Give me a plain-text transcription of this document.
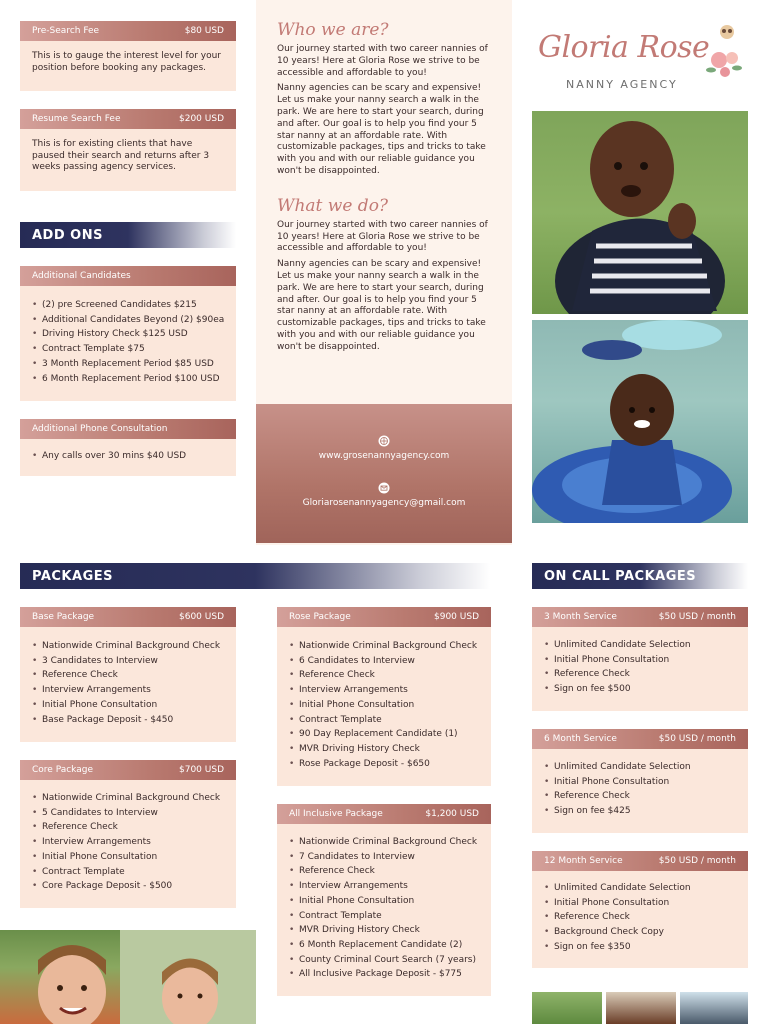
Pre-Search Fee	$80 USD

This is to gauge the interest level for your position before booking any packages.

Resume Search Fee	$200 USD

This is for existing clients that have paused their search and returns after 3 weeks passing agency services.

ADD ONS
Additional Candidates
• (2) pre Screened Candidates $215
• Additional Candidates Beyond (2) $90ea
• Driving History Check $125 USD
• Contract Template $75
• 3 Month Replacement Period $85 USD
• 6 Month Replacement Period $100 USD
Additional Phone Consultation
• Any calls over 30 mins $40 USD
Who we are?

Our journey started with two career nannies of 10 years! Here at Gloria Rose we strive to be accessible and affordable to you!

Nanny agencies can be scary and expensive! Let us make your nanny search a walk in the park. We are here to start your search, during and after. Our goal is to help you find your 5 star nanny at an affordable rate. With customizable packages, tips and tricks to take with you and with our reliable guidance you won't be disappointed.

What we do?

Our journey started with two career nannies of 10 years! Here at Gloria Rose we strive to be accessible and affordable to you!

Nanny agencies can be scary and expensive! Let us make your nanny search a walk in the park. We are here to start your search, during and after. Our goal is to help you find your 5 star nanny at an affordable rate. With customizable packages, tips and tricks to take with you and with our reliable guidance you won't be disappointed.

www.grosenannyagency.com
Gloriarosenannyagency@gmail.com
Gloria Rose
NANNY AGENCY
PACKAGES	ON CALL PACKAGES
Base Package	$600 USD
• Nationwide Criminal Background Check
• 3 Candidates to Interview
• Reference Check
• Interview Arrangements
• Initial Phone Consultation
• Base Package Deposit - $450
Core Package	$700 USD
• Nationwide Criminal Background Check
• 5 Candidates to Interview
• Reference Check
• Interview Arrangements
• Initial Phone Consultation
• Contract Template
• Core Package Deposit - $500
Rose Package	$900 USD
• Nationwide Criminal Background Check
• 6 Candidates to Interview
• Reference Check
• Interview Arrangements
• Initial Phone Consultation
• Contract Template
• 90 Day Replacement Candidate (1)
• MVR Driving History Check
• Rose Package Deposit - $650
All Inclusive Package	$1,200 USD
• Nationwide Criminal Background Check
• 7 Candidates to Interview
• Reference Check
• Interview Arrangements
• Initial Phone Consultation
• Contract Template
• MVR Driving History Check
• 6 Month Replacement Candidate (2)
• County Criminal Court Search (7 years)
• All Inclusive Package Deposit - $775
3 Month Service	$50 USD / month
• Unlimited Candidate Selection
• Initial Phone Consultation
• Reference Check
• Sign on fee $500
6 Month Service	$50 USD / month
• Unlimited Candidate Selection
• Initial Phone Consultation
• Reference Check
• Sign on fee $425
12 Month Service	$50 USD / month
• Unlimited Candidate Selection
• Initial Phone Consultation
• Reference Check
• Background Check Copy
• Sign on fee $350
